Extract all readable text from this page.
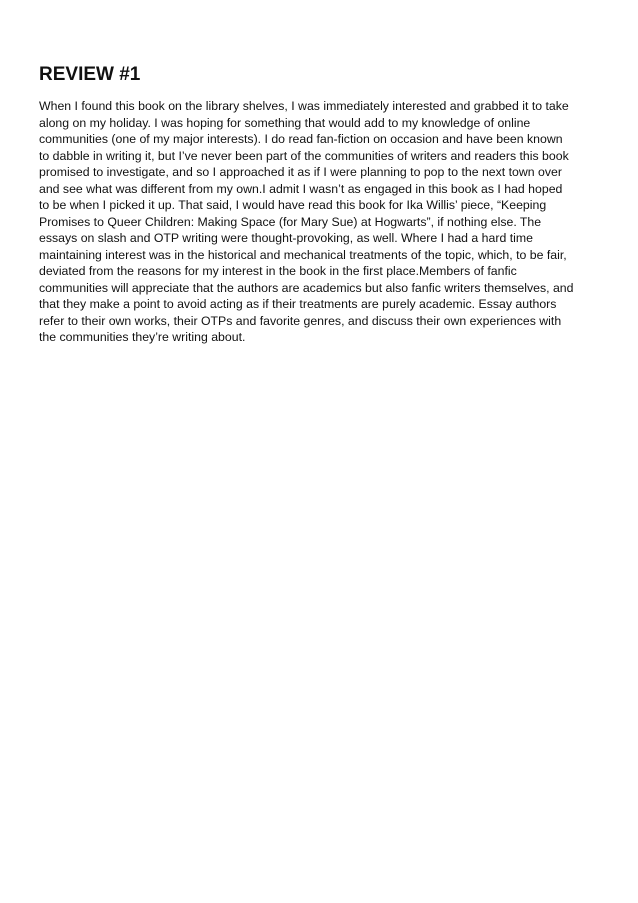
REVIEW #1
When I found this book on the library shelves, I was immediately interested and grabbed it to take
along on my holiday. I was hoping for something that would add to my knowledge of online
communities (one of my major interests). I do read fan-fiction on occasion and have been known
to dabble in writing it, but I’ve never been part of the communities of writers and readers this book
promised to investigate, and so I approached it as if I were planning to pop to the next town over
and see what was different from my own.I admit I wasn’t as engaged in this book as I had hoped
to be when I picked it up. That said, I would have read this book for Ika Willis’ piece, “Keeping
Promises to Queer Children: Making Space (for Mary Sue) at Hogwarts”, if nothing else. The
essays on slash and OTP writing were thought-provoking, as well. Where I had a hard time
maintaining interest was in the historical and mechanical treatments of the topic, which, to be fair,
deviated from the reasons for my interest in the book in the first place.Members of fanfic
communities will appreciate that the authors are academics but also fanfic writers themselves, and
that they make a point to avoid acting as if their treatments are purely academic. Essay authors
refer to their own works, their OTPs and favorite genres, and discuss their own experiences with
the communities they’re writing about.
